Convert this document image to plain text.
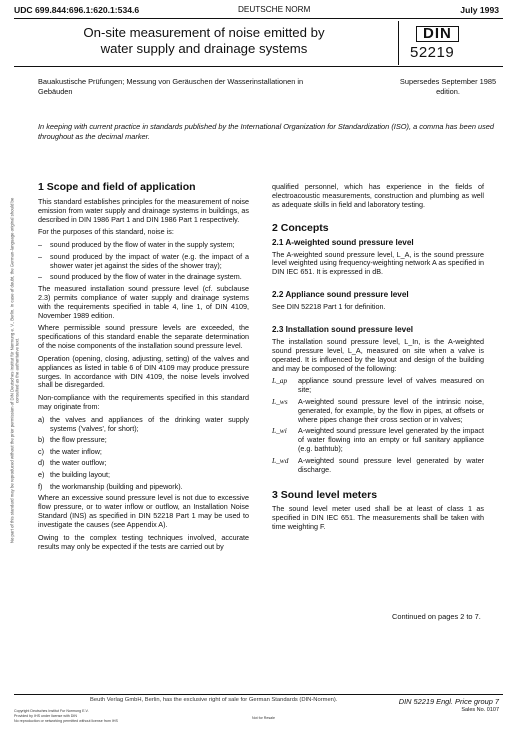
UDC 699.844:696.1:620.1:534.6	DEUTSCHE NORM	July 1993
On-site measurement of noise emitted by
water supply and drainage systems
DIN
52219
Bauakustische Prüfungen; Messung von Geräuschen der Wasserinstallationen in Gebäuden
Supersedes September 1985 edition.
In keeping with current practice in standards published by the International Organization for Standardization (ISO), a comma has been used throughout as the decimal marker.
No part of this standard may be reproduced without the prior permission of DIN Deutsches Institut für Normung e. V., Berlin. In case of doubt, the German-language original should be consulted as the authoritative text.
1 Scope and field of application

This standard establishes principles for the measurement of noise emission from water supply and drainage systems in buildings, as described in DIN 1986 Part 1 and DIN 1986 Part 1 respectively.

For the purposes of this standard, noise is:

–	sound produced by the flow of water in the supply system;
–	sound produced by the impact of water (e.g. the impact of a shower water jet against the sides of the shower tray);
–	sound produced by the flow of water in the drainage system.

The measured installation sound pressure level (cf. subclause 2.3) permits compliance of water supply and drainage systems with the requirements specified in table 4, line 1, of DIN 4109, November 1989 edition.

Where permissible sound pressure levels are exceeded, the specifications of this standard enable the separate determination of the noise components of the installation sound pressure level.

Operation (opening, closing, adjusting, setting) of the valves and appliances as listed in table 6 of DIN 4109 may produce pressure surges. In accordance with DIN 4109, the noise levels involved shall be disregarded.

Non-compliance with the requirements specified in this standard may originate from:

a) the valves and appliances of the drinking water supply systems ('valves', for short);
b) the flow pressure;
c) the water inflow;
d) the water outflow;
e) the building layout;
f)	the workmanship (building and pipework).

Where an excessive sound pressure level is not due to excessive flow pressure, or to water inflow or outflow, an Installation Noise Standard (INS) as specified in DIN 52218 Part 1 may be used to investigate the causes (see Appendix A).

Owing to the complex testing techniques involved, accurate results may only be expected if the tests are carried out by

qualified personnel, which has experience in the fields of electroacoustic measurements, construction and plumbing as well as adequate skills in field and laboratory testing.

2 Concepts
2.1 A-weighted sound pressure level

The A-weighted sound pressure level, L_A, is the sound pressure level weighted using frequency-weighting network A as specified in DIN IEC 651. It is expressed in dB.

2.2 Appliance sound pressure level

See DIN 52218 Part 1 for definition.

2.3 Installation sound pressure level

The installation sound pressure level, L_In, is the A-weighted sound pressure level, L_A, measured on site when a valve is operated. It is influenced by the layout and design of the building and may be composed of the following:

L_ap	appliance sound pressure level of valves measured on site;
L_ws	A-weighted sound pressure level of the intrinsic noise, generated, for example, by the flow in pipes, at offsets or where pipes change their cross section or in valves;
L_wi	A-weighted sound pressure level generated by the impact of water flowing into an empty or full sanitary appliance (e.g. bathtub);
L_wd	A-weighted sound pressure level generated by water discharge.
3 Sound level meters

The sound level meter used shall be at least of class 1 as specified in DIN IEC 651. The measurements shall be taken with time weighting F.

Continued on pages 2 to 7.
Beuth Verlag GmbH, Berlin, has the exclusive right of sale for German Standards (DIN-Normen).	DIN 52219 Engl. Price group 7
Sales No. 0107
Copyright Deutsches Institut Fur Normung E.V.
Provided by IHS under license with DIN
No reproduction or networking permitted without license from IHS
Not for Resale
